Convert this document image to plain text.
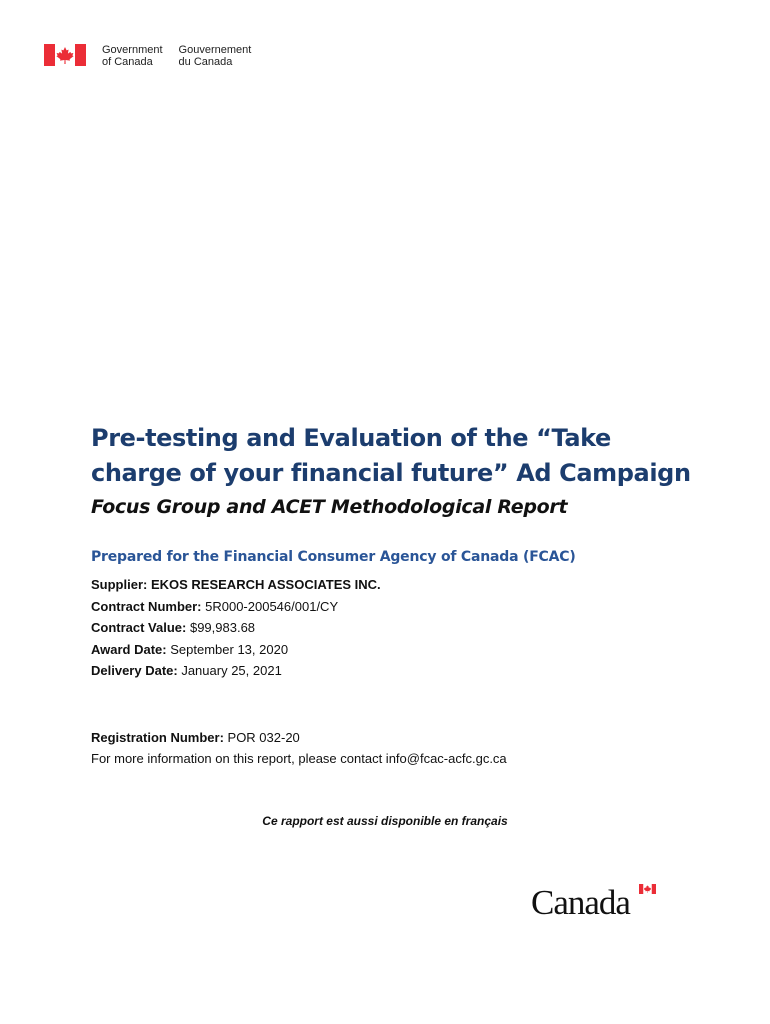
Government
of Canada
Gouvernement
du Canada
Pre-testing and Evaluation of the “Take charge of your financial future” Ad Campaign
Focus Group and ACET Methodological Report

Prepared for the Financial Consumer Agency of Canada (FCAC)

Supplier: EKOS RESEARCH ASSOCIATES INC.
Contract Number: 5R000-200546/001/CY
Contract Value: $99,983.68
Award Date: September 13, 2020
Delivery Date: January 25, 2021
Registration Number: POR 032-20
For more information on this report, please contact info@fcac-acfc.gc.ca
Ce rapport est aussi disponible en français
Canada
